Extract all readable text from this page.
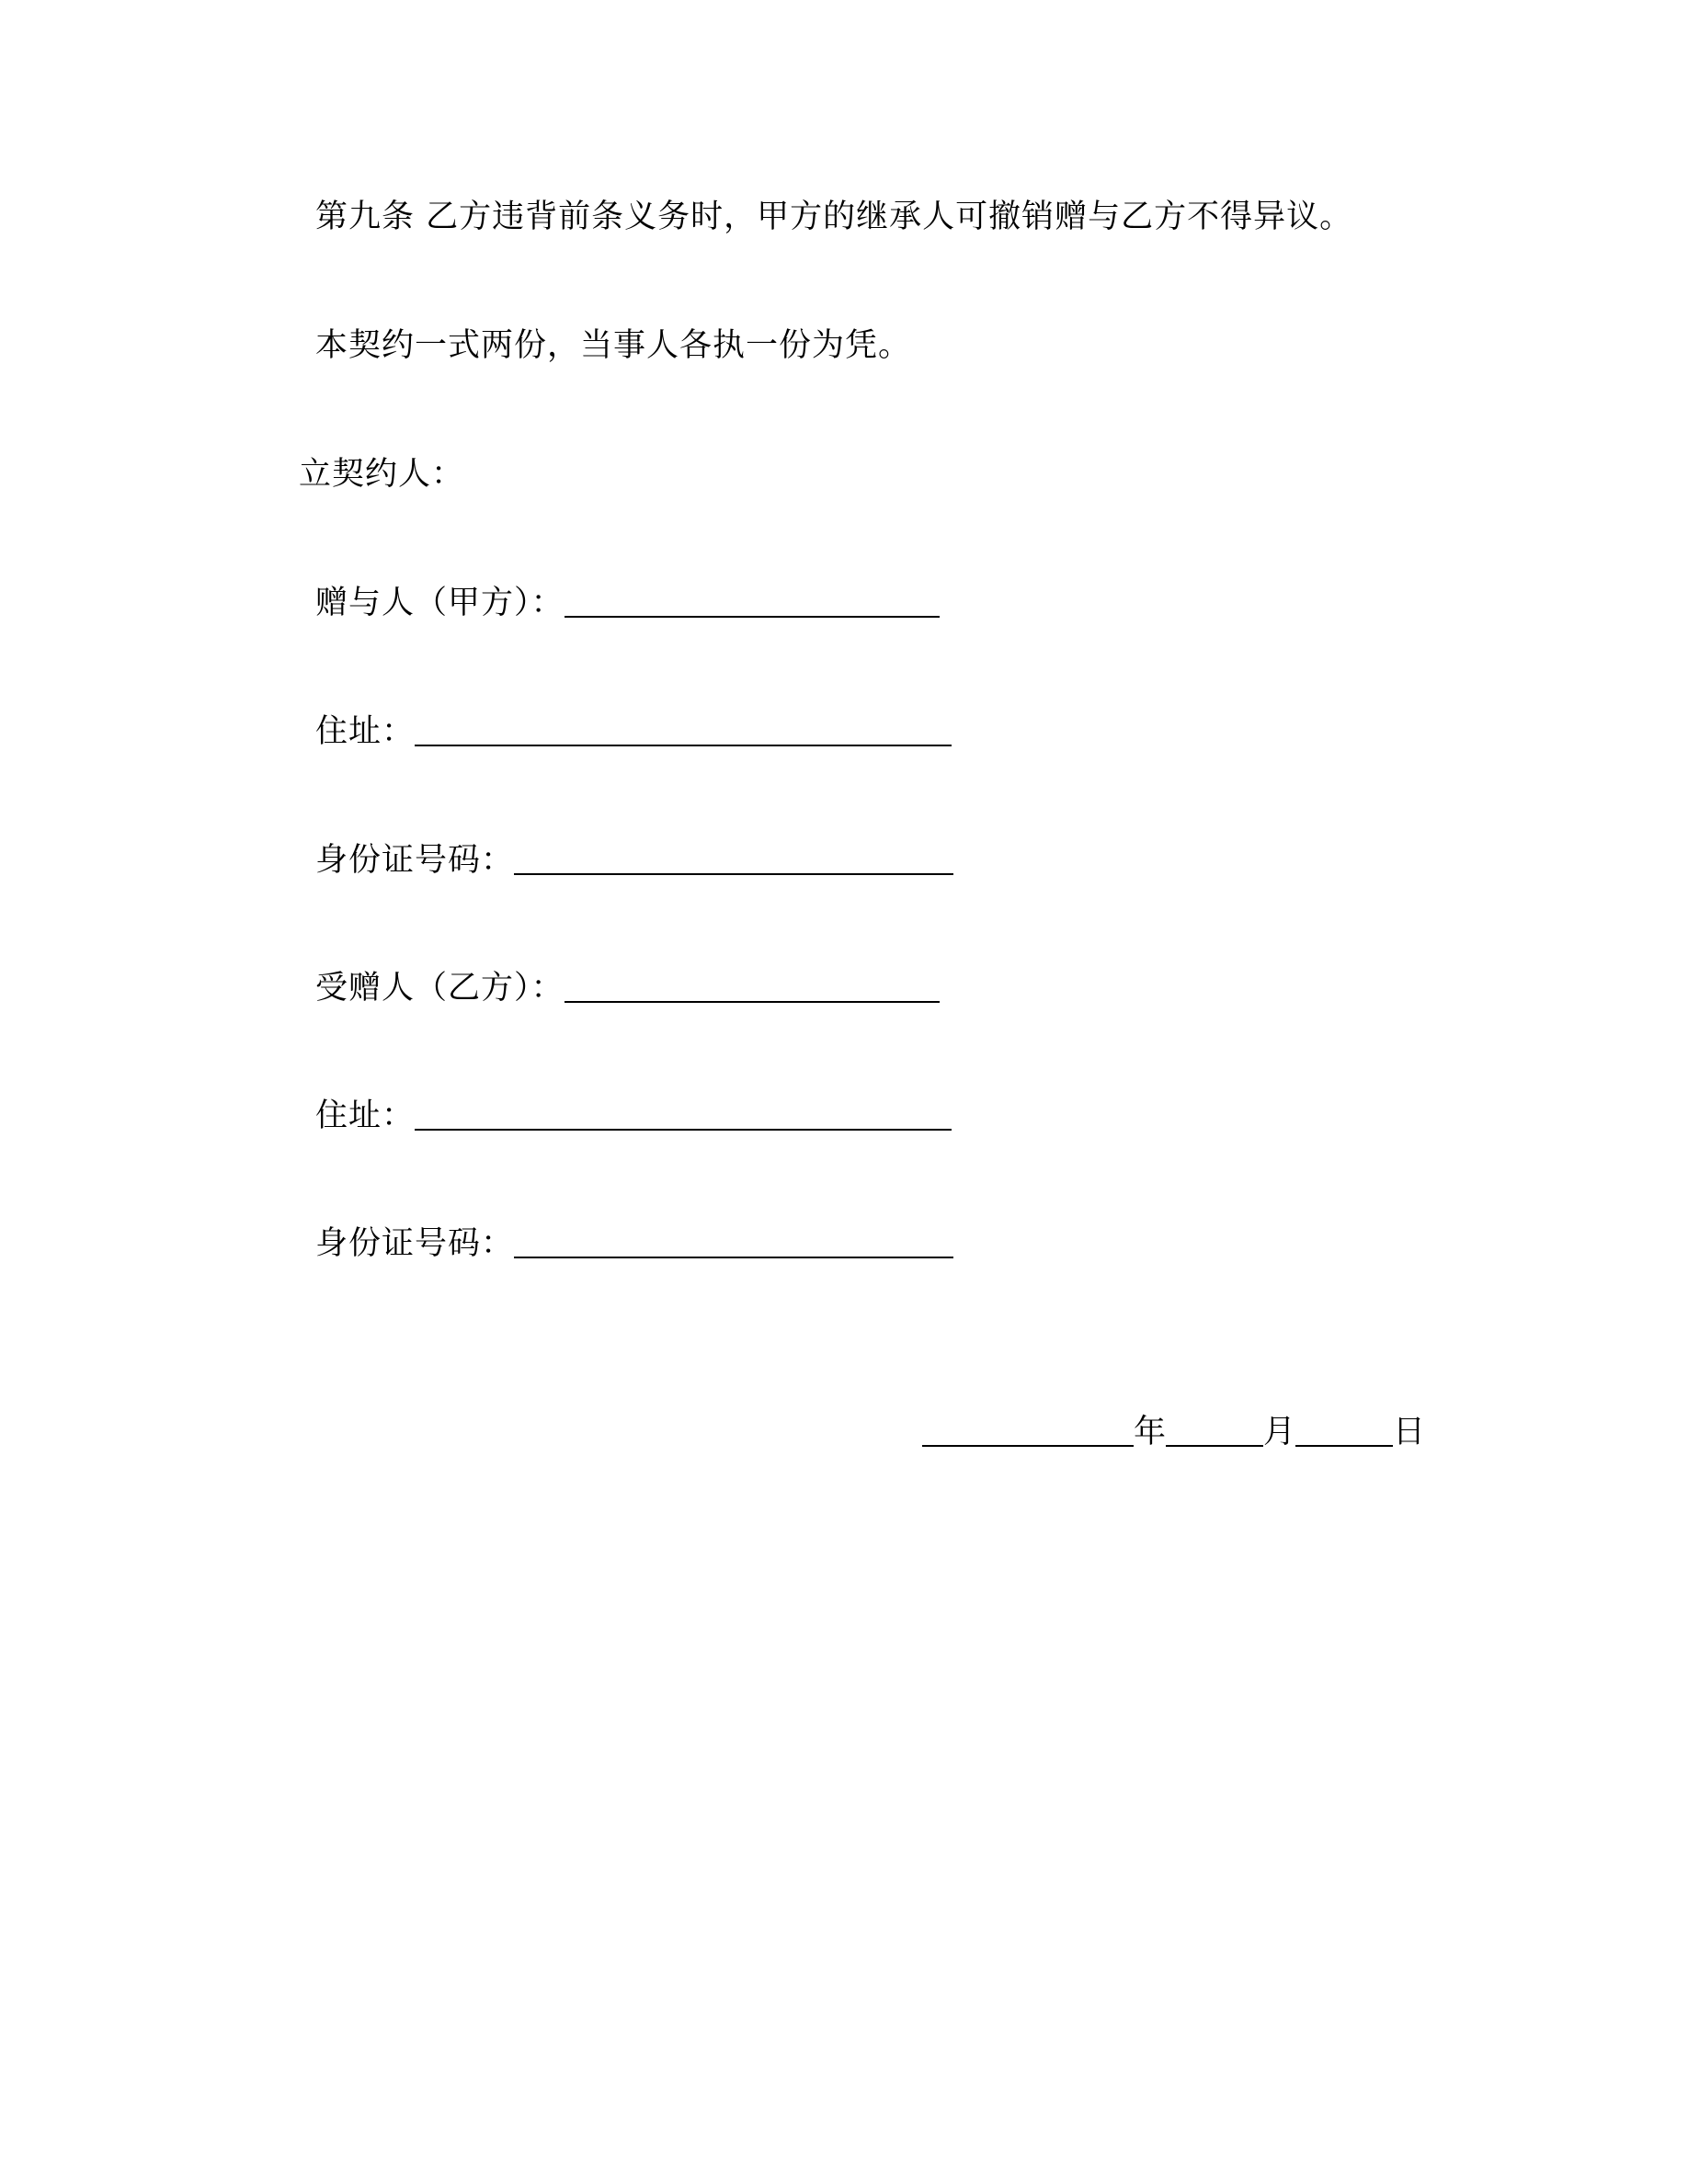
第九条 乙方违背前条义务时，甲方的继承人可撤销赠与乙方不得异议。
本契约一式两份，当事人各执一份为凭。
立契约人：
赠与人（甲方）：
住址：
身份证号码：
受赠人（乙方）：
住址：
身份证号码：
年	月	日
